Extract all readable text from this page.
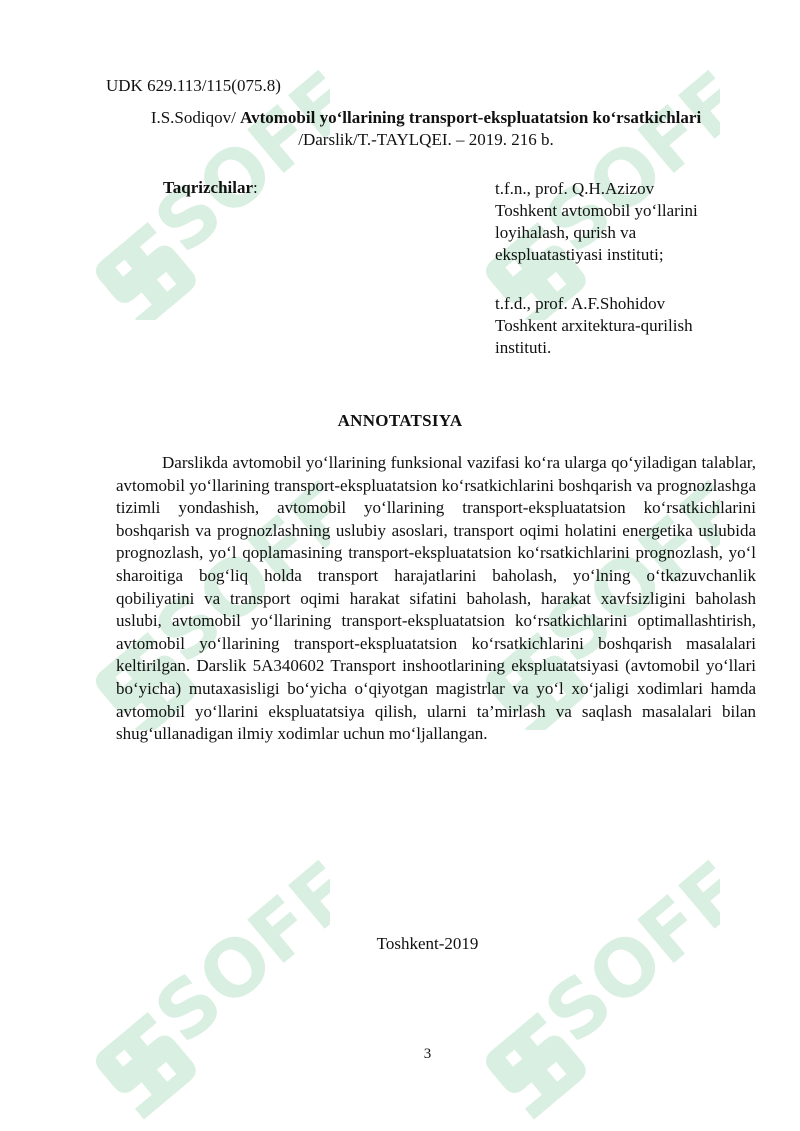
UDK 629.113/115(075.8)
I.S.Sodiqov/ Avtomobil yo‘llarining transport-ekspluatatsion ko‘rsatkichlari
/Darslik/T.-TAYLQEI. – 2019. 216 b.
Taqrizchilar:	t.f.n., prof. Q.H.Azizov
Toshkent avtomobil yo‘llarini
loyihalash, qurish va
ekspluatastiyasi instituti;
t.f.d., prof. A.F.Shohidov
Toshkent arxitektura-qurilish
instituti.
ANNOTATSIYA
Darslikda avtomobil yo‘llarining funksional vazifasi ko‘ra ularga qo‘yiladigan talablar, avtomobil yo‘llarining transport-ekspluatatsion ko‘rsatkichlarini boshqarish va prognozlashga tizimli yondashish, avtomobil yo‘llarining transport-ekspluatatsion ko‘rsatkichlarini boshqarish va prognozlashning uslubiy asoslari, transport oqimi holatini energetika uslubida prognozlash, yo‘l qoplamasining transport-ekspluatatsion ko‘rsatkichlarini prognozlash, yo‘l sharoitiga bog‘liq holda transport harajatlarini baholash, yo‘lning o‘tkazuvchanlik qobiliyatini va transport oqimi harakat sifatini baholash, harakat xavfsizligini baholash uslubi, avtomobil yo‘llarining transport-ekspluatatsion ko‘rsatkichlarini optimallashtirish, avtomobil yo‘llarining transport-ekspluatatsion ko‘rsatkichlarini boshqarish masalalari keltirilgan. Darslik 5A340602 Transport inshootlarining ekspluatatsiyasi (avtomobil yo‘llari bo‘yicha) mutaxasisligi bo‘yicha o‘qiyotgan magistrlar va yo‘l xo‘jaligi xodimlari hamda avtomobil yo‘llarini ekspluatatsiya qilish, ularni ta’mirlash va saqlash masalalari bilan shug‘ullanadigan ilmiy xodimlar uchun mo‘ljallangan.
Toshkent-2019
3
